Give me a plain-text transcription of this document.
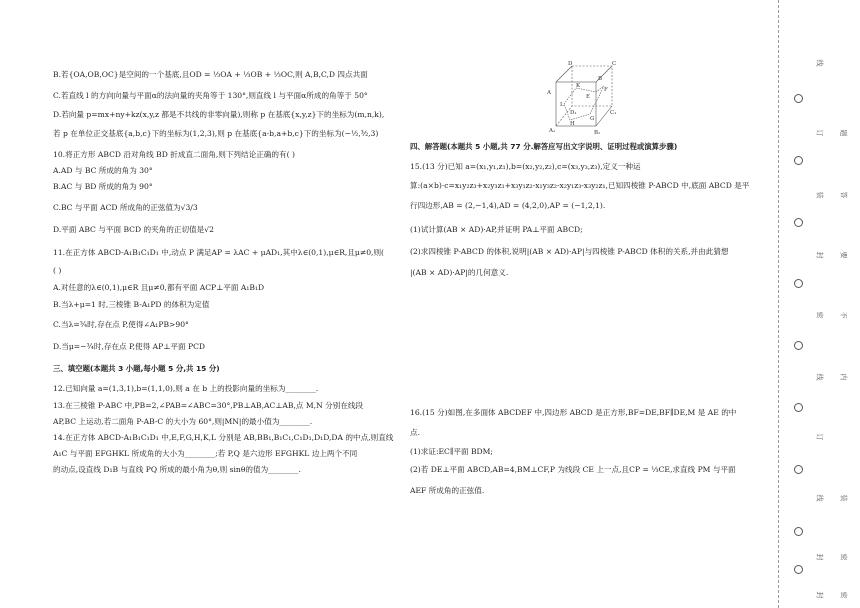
B.若{OA,OB,OC}是空间的一个基底,且OD = ⅓OA + ⅓OB + ⅓OC,则 A,B,C,D 四点共面
C.若直线 l 的方向向量与平面α的法向量的夹角等于 130°,则直线 l 与平面α所成的角等于 50°
D.若向量 p=mx+ny+kz(x,y,z 都是不共线的非零向量),则称 p 在基底{x,y,z}下的坐标为(m,n,k),
若 p 在单位正交基底{a,b,c}下的坐标为(1,2,3),则 p 在基底{a-b,a+b,c}下的坐标为(−½,³⁄₂,3)
10.将正方形 ABCD 沿对角线 BD 折成直二面角,则下列结论正确的有( )
A.AD 与 BC 所成的角为 30°
B.AC 与 BD 所成的角为 90°
C.BC 与平面 ACD 所成角的正弦值为√3/3
D.平面 ABC 与平面 BCD 的夹角的正切值是√2
11.在正方体 ABCD-A₁B₁C₁D₁ 中,动点 P 满足AP = λAC + μAD₁,其中λ∈(0,1),μ∈R,且μ≠0,则(
( )
A.对任意的λ∈(0,1),μ∈R 且μ≠0,都有平面 ACP⊥平面 A₁B₁D
B.当λ+μ=1 时,三棱锥 B-A₁PD 的体积为定值
C.当λ=¾时,存在点 P,使得∠A₁PB>90°
D.当μ=−¾时,存在点 P,使得 AP⊥平面 PCD
三、填空题(本题共 3 小题,每小题 5 分,共 15 分)
12.已知向量 a=(1,3,1),b=(1,1,0),则 a 在 b 上的投影向量的坐标为________.
13.在三棱锥 P-ABC 中,PB=2,∠PAB=∠ABC=30°,PB⊥AB,AC⊥AB,点 M,N 分别在线段
AP,BC 上运动,若二面角 P-AB-C 的大小为 60°,则|MN|的最小值为________.
14.在正方体 ABCD-A₁B₁C₁D₁ 中,E,F,G,H,K,L 分别是 AB,BB₁,B₁C₁,C₁D₁,D₁D,DA 的中点,则直线
A₁C 与平面 EFGHKL 所成角的大小为________;若 P,Q 是六边形 EFGHKL 边上两个不同
的动点,设直线 D₁B 与直线 PQ 所成的最小角为θ,则 sinθ的值为________.
D	C
A
B
L
K
E
F
H
G
D₁	C₁
A₁	B₁
四、解答题(本题共 5 小题,共 77 分.解答应写出文字说明、证明过程或演算步骤)
15.(13 分)已知 a=(x₁,y₁,z₁),b=(x₂,y₂,z₂),c=(x₃,y₃,z₃),定义一种运
算:(a×b)·c=x₁y₂z₃+x₂y₃z₁+x₃y₁z₂-x₁y₃z₂-x₂y₁z₃-x₃y₂z₁,已知四棱锥 P-ABCD 中,底面 ABCD 是平
行四边形,AB = (2,−1,4),AD = (4,2,0),AP = (−1,2,1).
(1)试计算(AB × AD)·AP,并证明 PA⊥平面 ABCD;
(2)求四棱锥 P-ABCD 的体积,说明|(AB × AD)·AP|与四棱锥 P-ABCD 体积的关系,并由此猜想
|(AB × AD)·AP|的几何意义.
16.(15 分)如图,在多面体 ABCDEF 中,四边形 ABCD 是正方形,BF=DE,BF∥DE,M 是 AE 的中
点.
(1)求证:EC∥平面 BDM;
(2)若 DE⊥平面 ABCD,AB=4,BM⊥CF,P 为线段 CE 上一点,且CP = ⅓CE,求直线 PM 与平面
AEF 所成角的正弦值.
线
订 题
装 答
封 要
密 不
线 内
订
线 装
封 密
封 密
